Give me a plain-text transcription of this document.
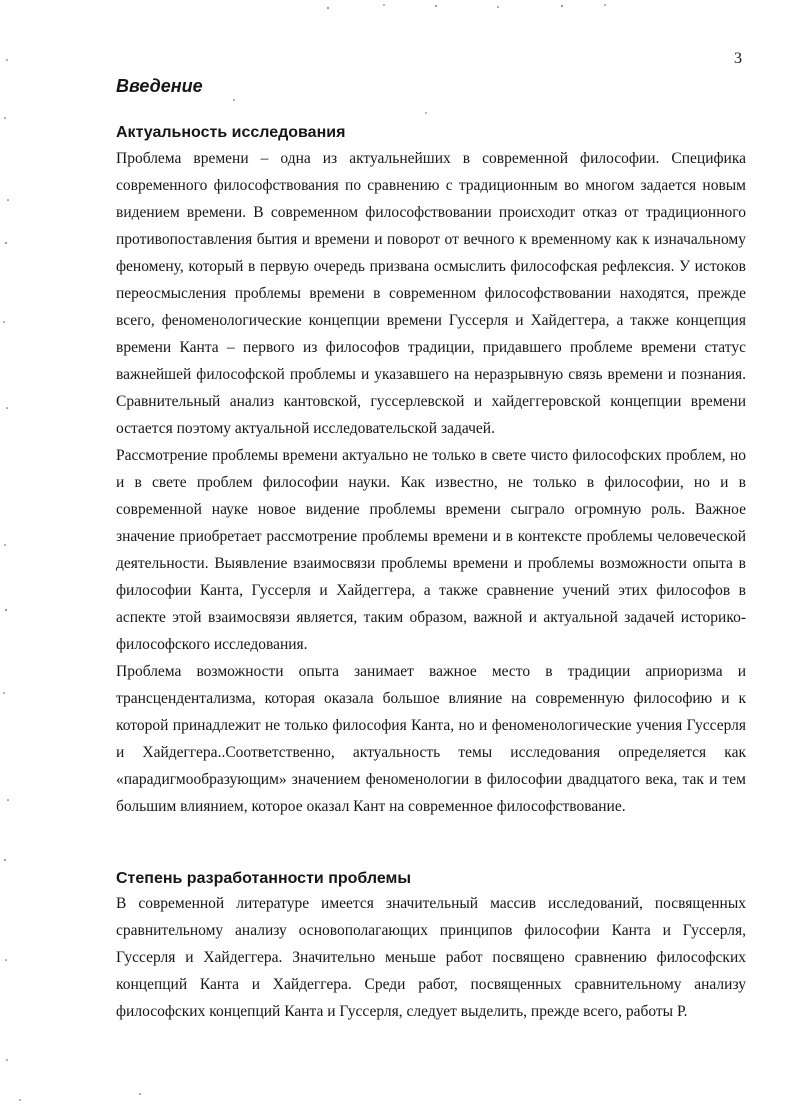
3
Введение
Актуальность исследования

Проблема времени – одна из актуальнейших в современной философии. Специфика современного философствования по сравнению с традиционным во многом задается новым видением времени. В современном философствовании происходит отказ от традиционного противопоставления бытия и времени и поворот от вечного к временному как к изначальному феномену, который в первую очередь призвана осмыслить философская рефлексия. У истоков переосмысления проблемы времени в современном философствовании находятся, прежде всего, феноменологические концепции времени Гуссерля и Хайдеггера, а также концепция времени Канта – первого из философов традиции, придавшего проблеме времени статус важнейшей философской проблемы и указавшего на неразрывную связь времени и познания. Сравнительный анализ кантовской, гуссерлевской и хайдеггеровской концепции времени остается поэтому актуальной исследовательской задачей.

Рассмотрение проблемы времени актуально не только в свете чисто философских проблем, но и в свете проблем философии науки. Как известно, не только в философии, но и в современной науке новое видение проблемы времени сыграло огромную роль. Важное значение приобретает рассмотрение проблемы времени и в контексте проблемы человеческой деятельности. Выявление взаимосвязи проблемы времени и проблемы возможности опыта в философии Канта, Гуссерля и Хайдеггера, а также сравнение учений этих философов в аспекте этой взаимосвязи является, таким образом, важной и актуальной задачей историко-философского исследования.

Проблема возможности опыта занимает важное место в традиции априоризма и трансцендентализма, которая оказала большое влияние на современную философию и к которой принадлежит не только философия Канта, но и феноменологические учения Гуссерля и Хайдеггера..Соответственно, актуальность темы исследования определяется как «парадигмообразующим» значением феноменологии в философии двадцатого века, так и тем большим влиянием, которое оказал Кант на современное философствование.

Степень разработанности проблемы

В современной литературе имеется значительный массив исследований, посвященных сравнительному анализу основополагающих принципов философии Канта и Гуссерля, Гуссерля и Хайдеггера. Значительно меньше работ посвящено сравнению философских концепций Канта и Хайдеггера. Среди работ, посвященных сравнительному анализу философских концепций Канта и Гуссерля, следует выделить, прежде всего, работы Р.
